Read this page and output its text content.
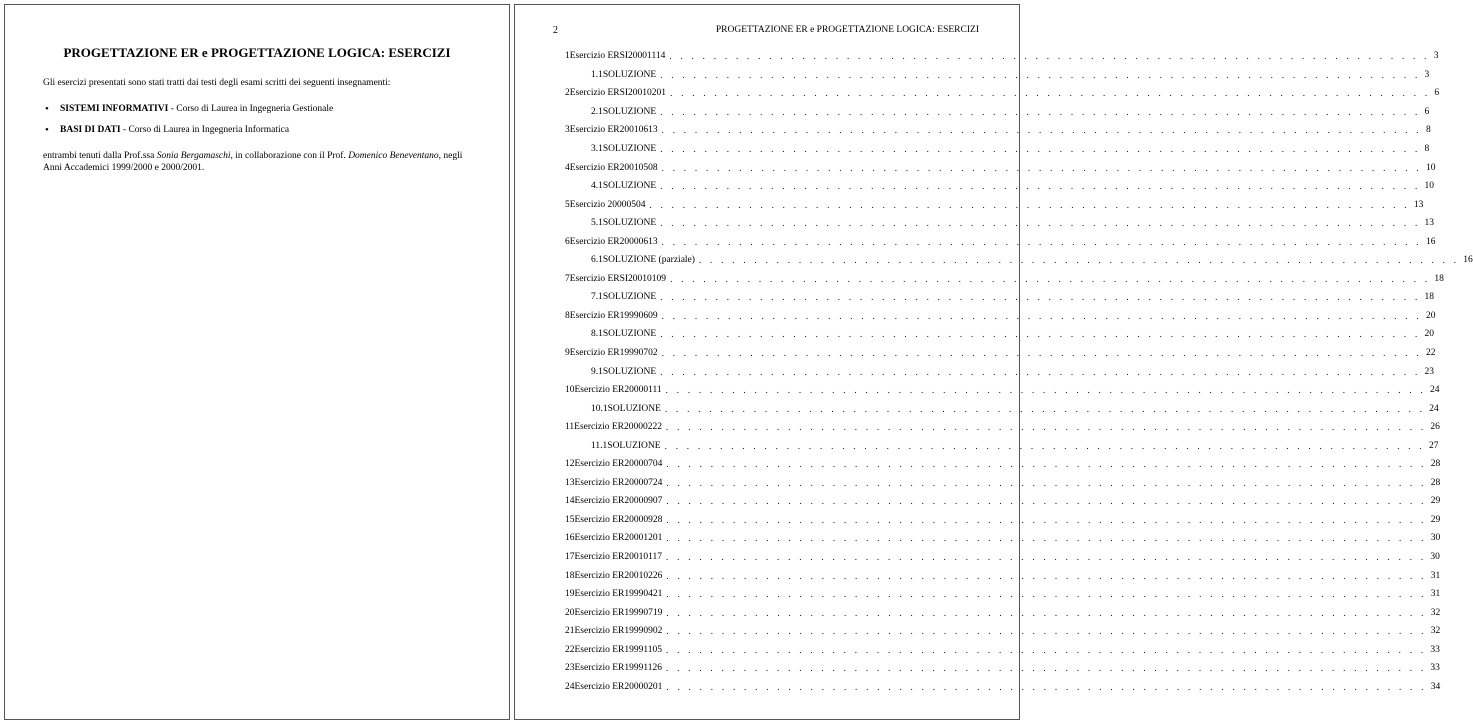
PROGETTAZIONE ER e PROGETTAZIONE LOGICA: ESERCIZI
Gli esercizi presentati sono stati tratti dai testi degli esami scritti dei seguenti insegnamenti:
• SISTEMI INFORMATIVI - Corso di Laurea in Ingegneria Gestionale
• BASI DI DATI - Corso di Laurea in Ingegneria Informatica
entrambi tenuti dalla Prof.ssa Sonia Bergamaschi, in collaborazione con il Prof. Domenico Beneventano, negli Anni Accademici 1999/2000 e 2000/2001.
2	PROGETTAZIONE ER e PROGETTAZIONE LOGICA: ESERCIZI
1 Esercizio ERSI20001114 . . . . . . . . . . . . . . . . . . . . . . . . . . . . . . . . . . . . . . . . . . . . . . . . . . . . . . . . . . . . . . . . . . . . . 3
1.1 SOLUZIONE . . . . . . . . . . . . . . . . . . . . . . . . . . . . . . . . . . . . . . . . . . . . . . . . . . . . . . . . . . . . . . . . . . . . . 3
2 Esercizio ERSI20010201 . . . . . . . . . . . . . . . . . . . . . . . . . . . . . . . . . . . . . . . . . . . . . . . . . . . . . . . . . . . . . . . . . . . . . 6
2.1 SOLUZIONE . . . . . . . . . . . . . . . . . . . . . . . . . . . . . . . . . . . . . . . . . . . . . . . . . . . . . . . . . . . . . . . . . . . . . 6
3 Esercizio ER20010613 . . . . . . . . . . . . . . . . . . . . . . . . . . . . . . . . . . . . . . . . . . . . . . . . . . . . . . . . . . . . . . . . . . . . . 8
3.1 SOLUZIONE . . . . . . . . . . . . . . . . . . . . . . . . . . . . . . . . . . . . . . . . . . . . . . . . . . . . . . . . . . . . . . . . . . . . . 8
4 Esercizio ER20010508 . . . . . . . . . . . . . . . . . . . . . . . . . . . . . . . . . . . . . . . . . . . . . . . . . . . . . . . . . . . . . . . . . . . . . 10
4.1 SOLUZIONE . . . . . . . . . . . . . . . . . . . . . . . . . . . . . . . . . . . . . . . . . . . . . . . . . . . . . . . . . . . . . . . . . . . . . 10
5 Esercizio 20000504 . . . . . . . . . . . . . . . . . . . . . . . . . . . . . . . . . . . . . . . . . . . . . . . . . . . . . . . . . . . . . . . . . . . . . 13
5.1 SOLUZIONE . . . . . . . . . . . . . . . . . . . . . . . . . . . . . . . . . . . . . . . . . . . . . . . . . . . . . . . . . . . . . . . . . . . . . 13
6 Esercizio ER20000613 . . . . . . . . . . . . . . . . . . . . . . . . . . . . . . . . . . . . . . . . . . . . . . . . . . . . . . . . . . . . . . . . . . . . . 16
6.1 SOLUZIONE (parziale) . . . . . . . . . . . . . . . . . . . . . . . . . . . . . . . . . . . . . . . . . . . . . . . . . . . . . . . . . . . . . . . . . . . . . 16
7 Esercizio ERSI20010109 . . . . . . . . . . . . . . . . . . . . . . . . . . . . . . . . . . . . . . . . . . . . . . . . . . . . . . . . . . . . . . . . . . . . . 18
7.1 SOLUZIONE . . . . . . . . . . . . . . . . . . . . . . . . . . . . . . . . . . . . . . . . . . . . . . . . . . . . . . . . . . . . . . . . . . . . . 18
8 Esercizio ER19990609 . . . . . . . . . . . . . . . . . . . . . . . . . . . . . . . . . . . . . . . . . . . . . . . . . . . . . . . . . . . . . . . . . . . . . 20
8.1 SOLUZIONE . . . . . . . . . . . . . . . . . . . . . . . . . . . . . . . . . . . . . . . . . . . . . . . . . . . . . . . . . . . . . . . . . . . . . 20
9 Esercizio ER19990702 . . . . . . . . . . . . . . . . . . . . . . . . . . . . . . . . . . . . . . . . . . . . . . . . . . . . . . . . . . . . . . . . . . . . . 22
9.1 SOLUZIONE . . . . . . . . . . . . . . . . . . . . . . . . . . . . . . . . . . . . . . . . . . . . . . . . . . . . . . . . . . . . . . . . . . . . . 23
10 Esercizio ER20000111 . . . . . . . . . . . . . . . . . . . . . . . . . . . . . . . . . . . . . . . . . . . . . . . . . . . . . . . . . . . . . . . . . . . . . 24
10.1 SOLUZIONE . . . . . . . . . . . . . . . . . . . . . . . . . . . . . . . . . . . . . . . . . . . . . . . . . . . . . . . . . . . . . . . . . . . . . 24
11 Esercizio ER20000222 . . . . . . . . . . . . . . . . . . . . . . . . . . . . . . . . . . . . . . . . . . . . . . . . . . . . . . . . . . . . . . . . . . . . . 26
11.1 SOLUZIONE . . . . . . . . . . . . . . . . . . . . . . . . . . . . . . . . . . . . . . . . . . . . . . . . . . . . . . . . . . . . . . . . . . . . . 27
12 Esercizio ER20000704 . . . . . . . . . . . . . . . . . . . . . . . . . . . . . . . . . . . . . . . . . . . . . . . . . . . . . . . . . . . . . . . . . . . . . 28
13 Esercizio ER20000724 . . . . . . . . . . . . . . . . . . . . . . . . . . . . . . . . . . . . . . . . . . . . . . . . . . . . . . . . . . . . . . . . . . . . . 28
14 Esercizio ER20000907 . . . . . . . . . . . . . . . . . . . . . . . . . . . . . . . . . . . . . . . . . . . . . . . . . . . . . . . . . . . . . . . . . . . . . 29
15 Esercizio ER20000928 . . . . . . . . . . . . . . . . . . . . . . . . . . . . . . . . . . . . . . . . . . . . . . . . . . . . . . . . . . . . . . . . . . . . . 29
16 Esercizio ER20001201 . . . . . . . . . . . . . . . . . . . . . . . . . . . . . . . . . . . . . . . . . . . . . . . . . . . . . . . . . . . . . . . . . . . . . 30
17 Esercizio ER20010117 . . . . . . . . . . . . . . . . . . . . . . . . . . . . . . . . . . . . . . . . . . . . . . . . . . . . . . . . . . . . . . . . . . . . . 30
18 Esercizio ER20010226 . . . . . . . . . . . . . . . . . . . . . . . . . . . . . . . . . . . . . . . . . . . . . . . . . . . . . . . . . . . . . . . . . . . . . 31
19 Esercizio ER19990421 . . . . . . . . . . . . . . . . . . . . . . . . . . . . . . . . . . . . . . . . . . . . . . . . . . . . . . . . . . . . . . . . . . . . . 31
20 Esercizio ER19990719 . . . . . . . . . . . . . . . . . . . . . . . . . . . . . . . . . . . . . . . . . . . . . . . . . . . . . . . . . . . . . . . . . . . . . 32
21 Esercizio ER19990902 . . . . . . . . . . . . . . . . . . . . . . . . . . . . . . . . . . . . . . . . . . . . . . . . . . . . . . . . . . . . . . . . . . . . . 32
22 Esercizio ER19991105 . . . . . . . . . . . . . . . . . . . . . . . . . . . . . . . . . . . . . . . . . . . . . . . . . . . . . . . . . . . . . . . . . . . . . 33
23 Esercizio ER19991126 . . . . . . . . . . . . . . . . . . . . . . . . . . . . . . . . . . . . . . . . . . . . . . . . . . . . . . . . . . . . . . . . . . . . . 33
24 Esercizio ER20000201 . . . . . . . . . . . . . . . . . . . . . . . . . . . . . . . . . . . . . . . . . . . . . . . . . . . . . . . . . . . . . . . . . . . . . 34
